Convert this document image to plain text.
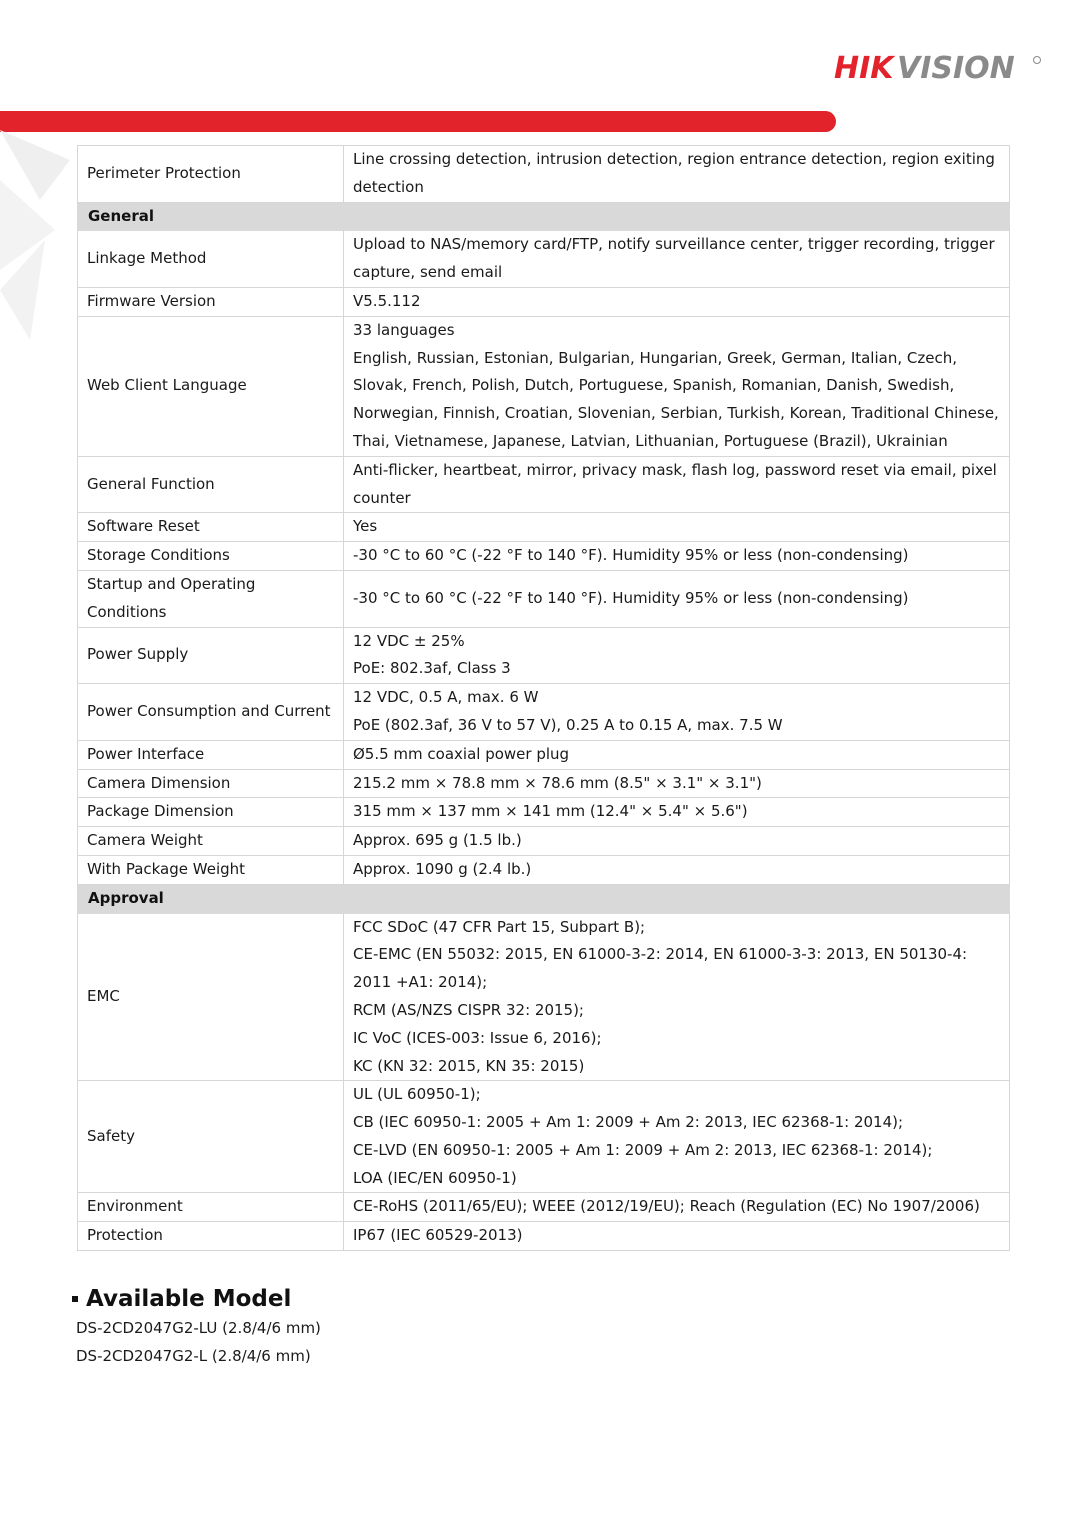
HIK VISION
Perimeter Protection	Line crossing detection, intrusion detection, region entrance detection, region exiting detection

General	
Linkage Method	Upload to NAS/memory card/FTP, notify surveillance center, trigger recording, trigger capture, send email

Firmware Version	V5.5.112

Web Client Language	33 languages
English, Russian, Estonian, Bulgarian, Hungarian, Greek, German, Italian, Czech, Slovak, French, Polish, Dutch, Portuguese, Spanish, Romanian, Danish, Swedish, Norwegian, Finnish, Croatian, Slovenian, Serbian, Turkish, Korean, Traditional Chinese, Thai, Vietnamese, Japanese, Latvian, Lithuanian, Portuguese (Brazil), Ukrainian

General Function	Anti-flicker, heartbeat, mirror, privacy mask, flash log, password reset via email, pixel counter

Software Reset	Yes

Storage Conditions	-30 °C to 60 °C (-22 °F to 140 °F). Humidity 95% or less (non-condensing)

Startup and Operating Conditions	-30 °C to 60 °C (-22 °F to 140 °F). Humidity 95% or less (non-condensing)

Power Supply	12 VDC ± 25%
PoE: 802.3af, Class 3

Power Consumption and Current	12 VDC, 0.5 A, max. 6 W
PoE (802.3af, 36 V to 57 V), 0.25 A to 0.15 A, max. 7.5 W

Power Interface	Ø5.5 mm coaxial power plug

Camera Dimension	215.2 mm × 78.8 mm × 78.6 mm (8.5" × 3.1" × 3.1")

Package Dimension	315 mm × 137 mm × 141 mm (12.4" × 5.4" × 5.6")

Camera Weight	Approx. 695 g (1.5 lb.)

With Package Weight	Approx. 1090 g (2.4 lb.)

Approval	
EMC	FCC SDoC (47 CFR Part 15, Subpart B);
CE-EMC (EN 55032: 2015, EN 61000-3-2: 2014, EN 61000-3-3: 2013, EN 50130-4: 2011 +A1: 2014);
RCM (AS/NZS CISPR 32: 2015);
IC VoC (ICES-003: Issue 6, 2016);
KC (KN 32: 2015, KN 35: 2015)

Safety	UL (UL 60950-1);
CB (IEC 60950-1: 2005 + Am 1: 2009 + Am 2: 2013, IEC 62368-1: 2014);
CE-LVD (EN 60950-1: 2005 + Am 1: 2009 + Am 2: 2013, IEC 62368-1: 2014);
LOA (IEC/EN 60950-1)

Environment	CE-RoHS (2011/65/EU); WEEE (2012/19/EU); Reach (Regulation (EC) No 1907/2006)

Protection	IP67 (IEC 60529-2013)
Available Model
DS-2CD2047G2-LU (2.8/4/6 mm)
DS-2CD2047G2-L (2.8/4/6 mm)
